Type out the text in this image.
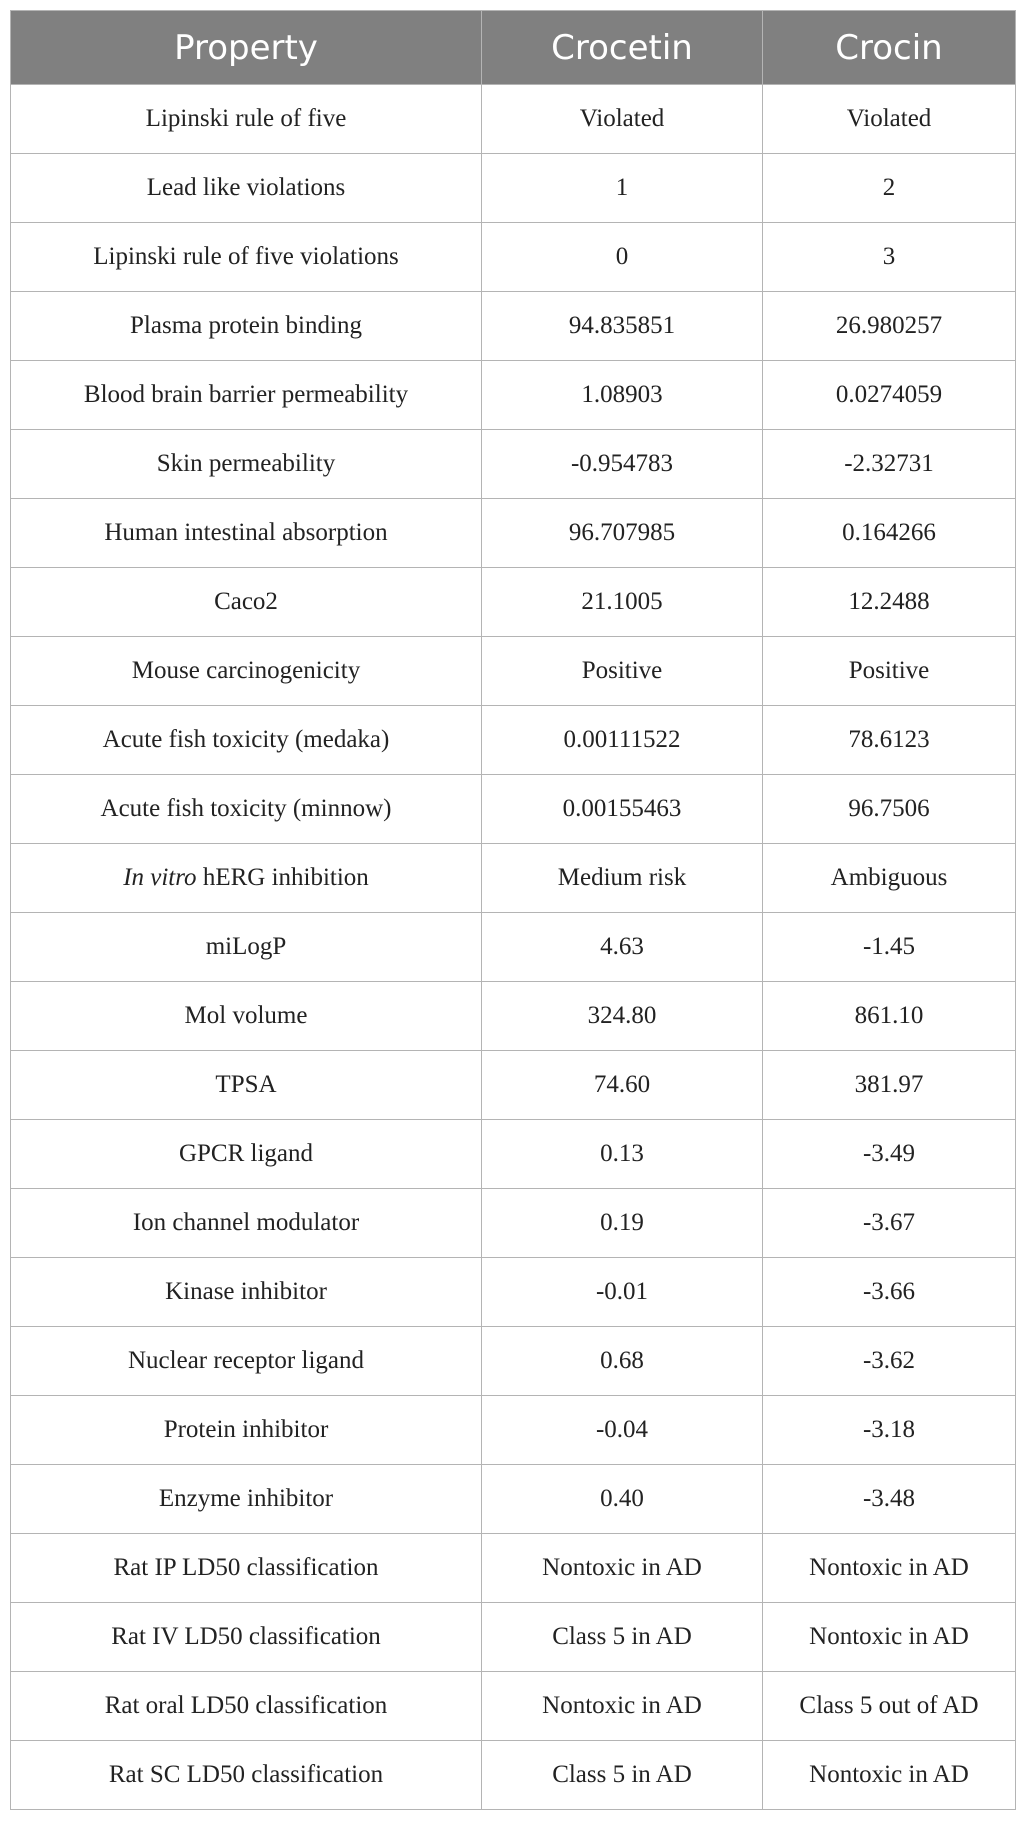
Property	Crocetin	Crocin
Lipinski rule of five	Violated	Violated
Lead like violations	1	2
Lipinski rule of five violations	0	3
Plasma protein binding	94.835851	26.980257
Blood brain barrier permeability	1.08903	0.0274059
Skin permeability	-0.954783	-2.32731
Human intestinal absorption	96.707985	0.164266
Caco2	21.1005	12.2488
Mouse carcinogenicity	Positive	Positive
Acute fish toxicity (medaka)	0.00111522	78.6123
Acute fish toxicity (minnow)	0.00155463	96.7506
In vitro hERG inhibition	Medium risk	Ambiguous
miLogP	4.63	-1.45
Mol volume	324.80	861.10
TPSA	74.60	381.97
GPCR ligand	0.13	-3.49
Ion channel modulator	0.19	-3.67
Kinase inhibitor	-0.01	-3.66
Nuclear receptor ligand	0.68	-3.62
Protein inhibitor	-0.04	-3.18
Enzyme inhibitor	0.40	-3.48
Rat IP LD50 classification	Nontoxic in AD	Nontoxic in AD
Rat IV LD50 classification	Class 5 in AD	Nontoxic in AD
Rat oral LD50 classification	Nontoxic in AD	Class 5 out of AD
Rat SC LD50 classification	Class 5 in AD	Nontoxic in AD
